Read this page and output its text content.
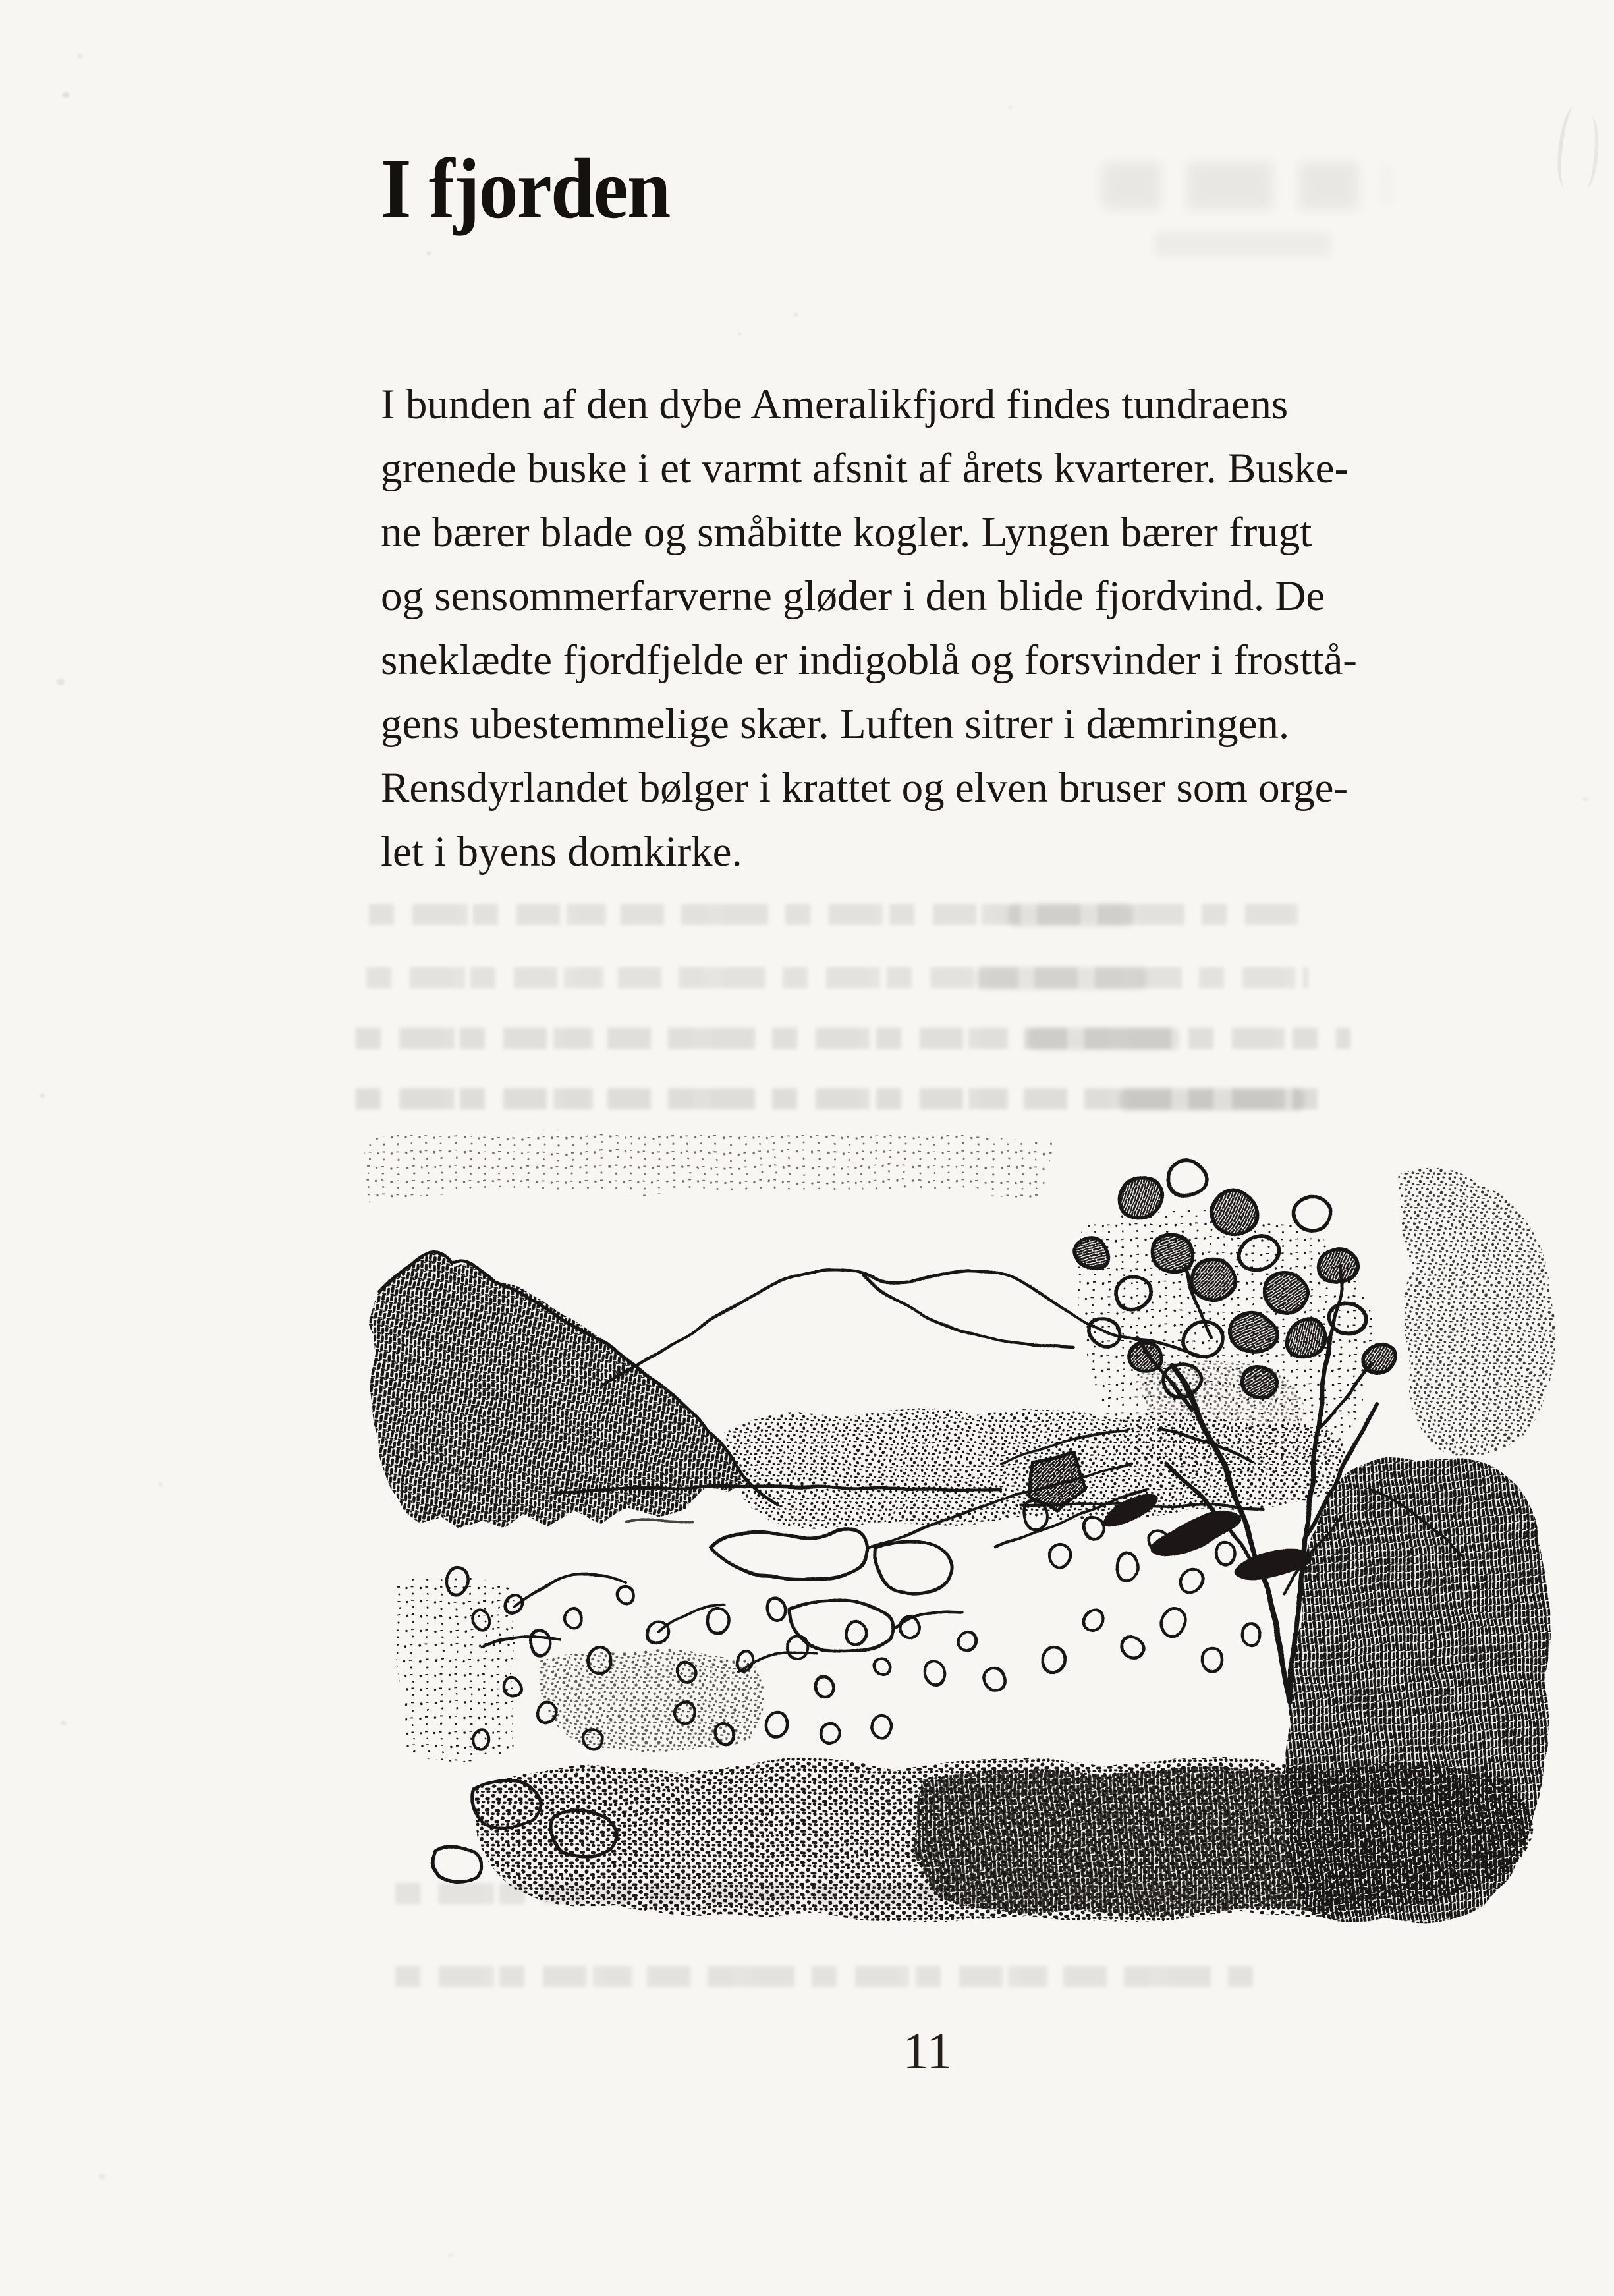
I fjorden
I bunden af den dybe Ameralikfjord findes tundraens
grenede buske i et varmt afsnit af årets kvarterer. Buske-
ne bærer blade og småbitte kogler. Lyngen bærer frugt
og sensommerfarverne gløder i den blide fjordvind. De
sneklædte fjordfjelde er indigoblå og forsvinder i frosttå-
gens ubestemmelige skær. Luften sitrer i dæmringen.
Rensdyrlandet bølger i krattet og elven bruser som orge-
let i byens domkirke.
11
